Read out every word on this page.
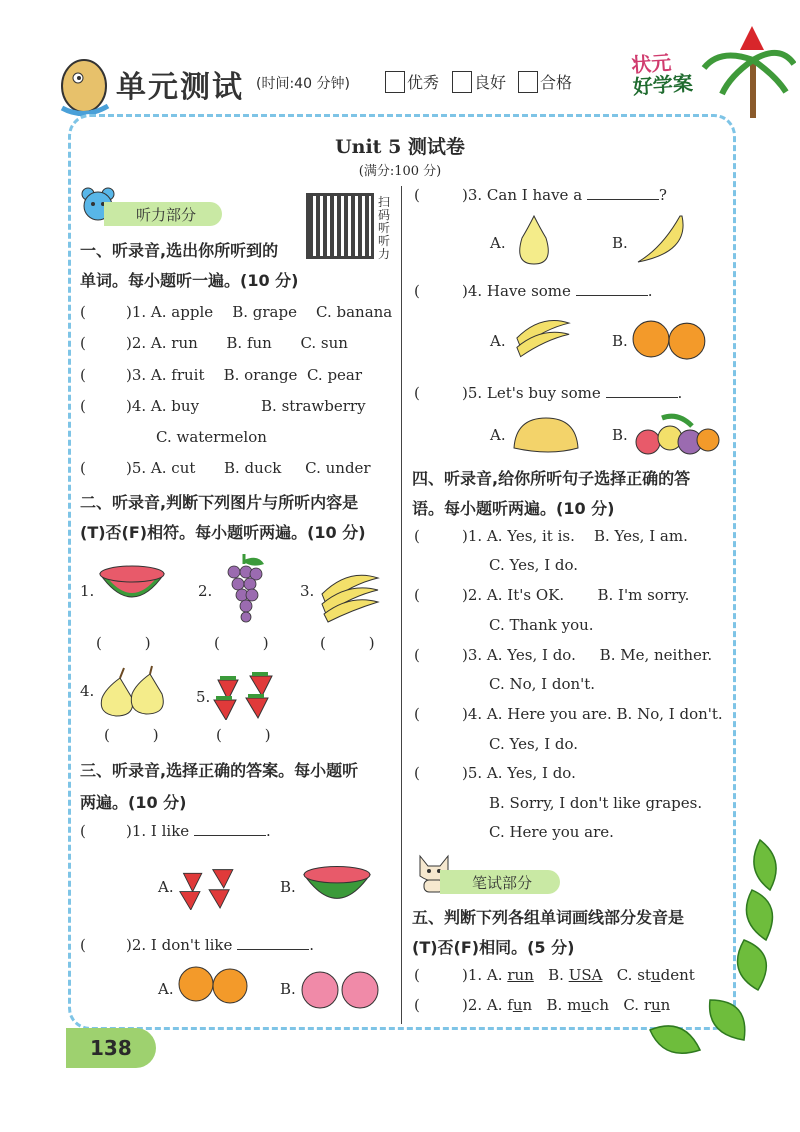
单元测试 (时间:40 分钟)	优秀 良好 合格
状元
好学案
Unit 5 测试卷
(满分:100 分)
听力部分
扫码听听力
一、听录音,选出你所听到的
单词。每小题听一遍。(10 分)
(	)1. A. apple    B. grape    C. banana
(	)2. A. run      B. fun      C. sun
(	)3. A. fruit    B. orange  C. pear
(	)4. A. buy             B. strawberry
C. watermelon
(	)5. A. cut      B. duck     C. under
二、听录音,判断下列图片与所听内容是
(T)否(F)相符。每小题听两遍。(10 分)
1.	2.	3.
(         )	(         )	(         )
4.	5.
(         )	(         )
三、听录音,选择正确的答案。每小题听
两遍。(10 分)
(	)1. I like	.
A.	B.
(	)2. I don't like	.
A.	B.
138
(	)3. Can I have a	?
A.	B.
(	)4. Have some	.
A.	B.
(	)5. Let's buy some	.
A.	B.
四、听录音,给你所听句子选择正确的答
语。每小题听两遍。(10 分)
(	)1. A. Yes, it is.    B. Yes, I am.
C. Yes, I do.
(	)2. A. It's OK.       B. I'm sorry.
C. Thank you.
(	)3. A. Yes, I do.     B. Me, neither.
C. No, I don't.
(	)4. A. Here you are. B. No, I don't.
C. Yes, I do.
(	)5. A. Yes, I do.
B. Sorry, I don't like grapes.
C. Here you are.
笔试部分
五、判断下列各组单词画线部分发音是
(T)否(F)相同。(5 分)
(	)1. A. run   B. USA   C. student
(	)2. A. fun   B. much   C. run
